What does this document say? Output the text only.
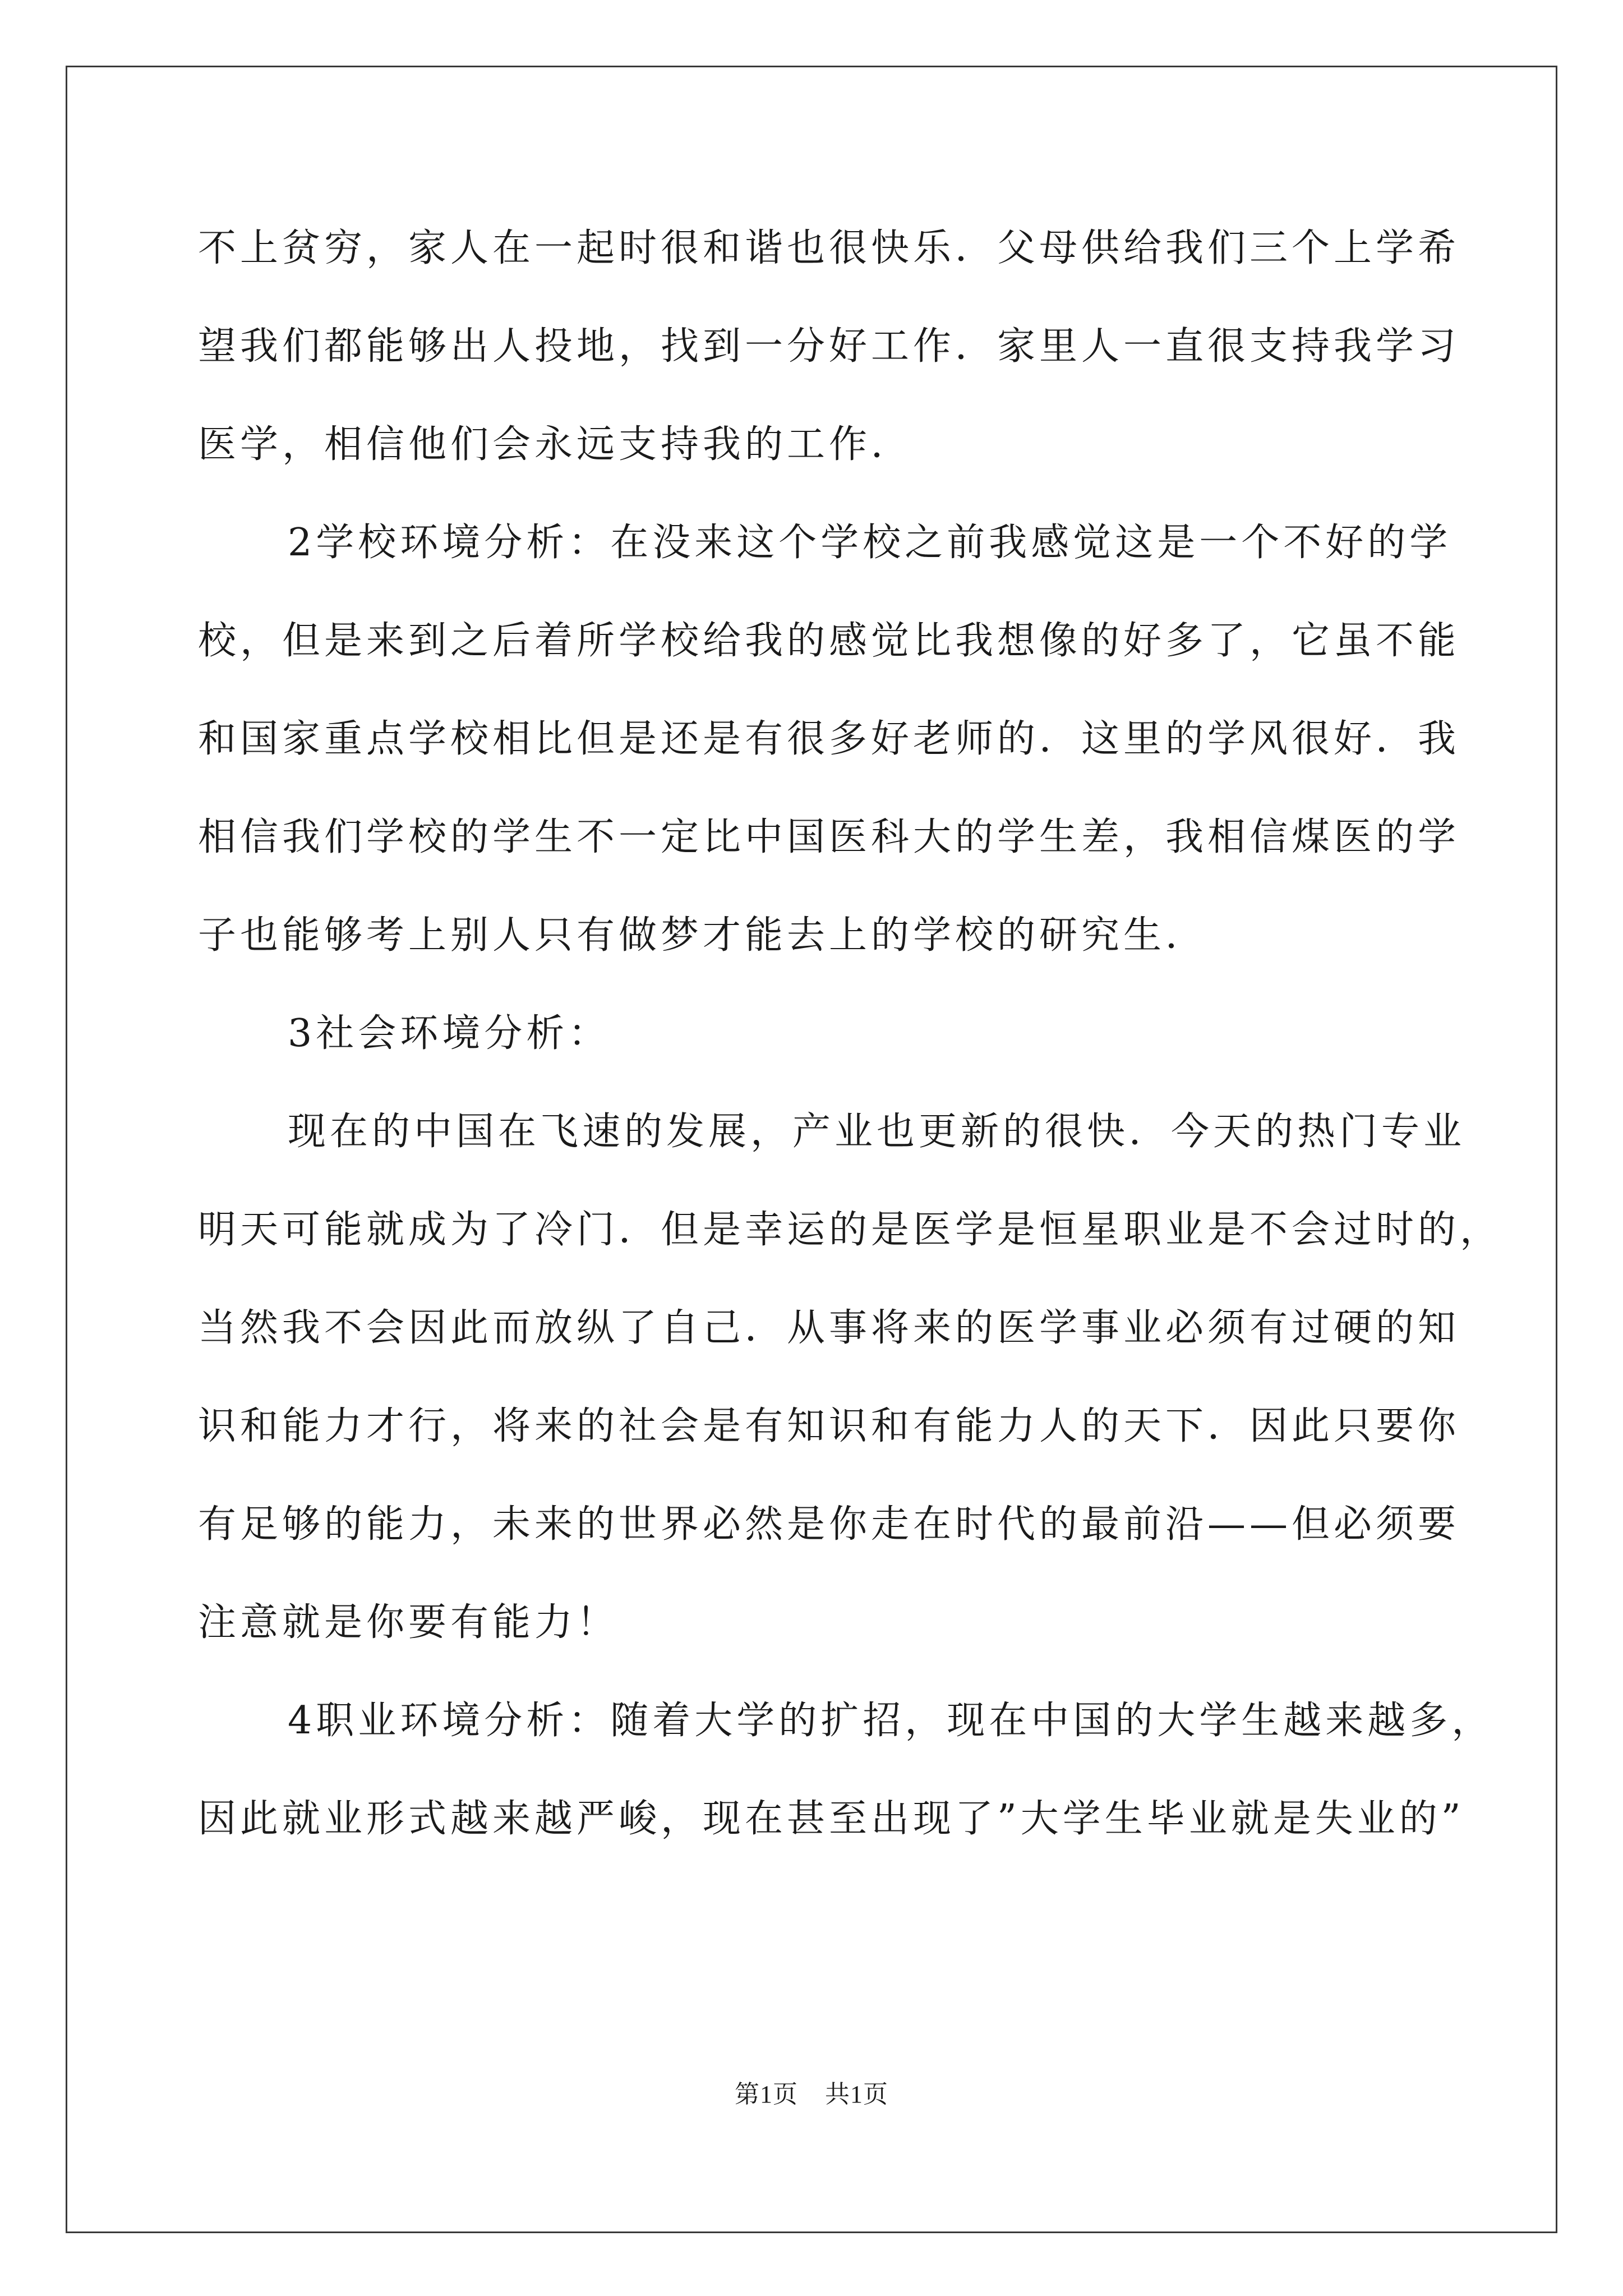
不上贫穷，家人在一起时很和谐也很快乐．父母供给我们三个上学希
望我们都能够出人投地，找到一分好工作．家里人一直很支持我学习
医学，相信他们会永远支持我的工作．
2学校环境分析：在没来这个学校之前我感觉这是一个不好的学
校，但是来到之后着所学校给我的感觉比我想像的好多了，它虽不能
和国家重点学校相比但是还是有很多好老师的．这里的学风很好．我
相信我们学校的学生不一定比中国医科大的学生差，我相信煤医的学
子也能够考上别人只有做梦才能去上的学校的研究生．
3社会环境分析：
现在的中国在飞速的发展，产业也更新的很快．今天的热门专业
明天可能就成为了冷门．但是幸运的是医学是恒星职业是不会过时的，
当然我不会因此而放纵了自己．从事将来的医学事业必须有过硬的知
识和能力才行，将来的社会是有知识和有能力人的天下．因此只要你
有足够的能力，未来的世界必然是你走在时代的最前沿——但必须要
注意就是你要有能力！
4职业环境分析：随着大学的扩招，现在中国的大学生越来越多，
因此就业形式越来越严峻，现在甚至出现了”大学生毕业就是失业的”
第1页 共1页
